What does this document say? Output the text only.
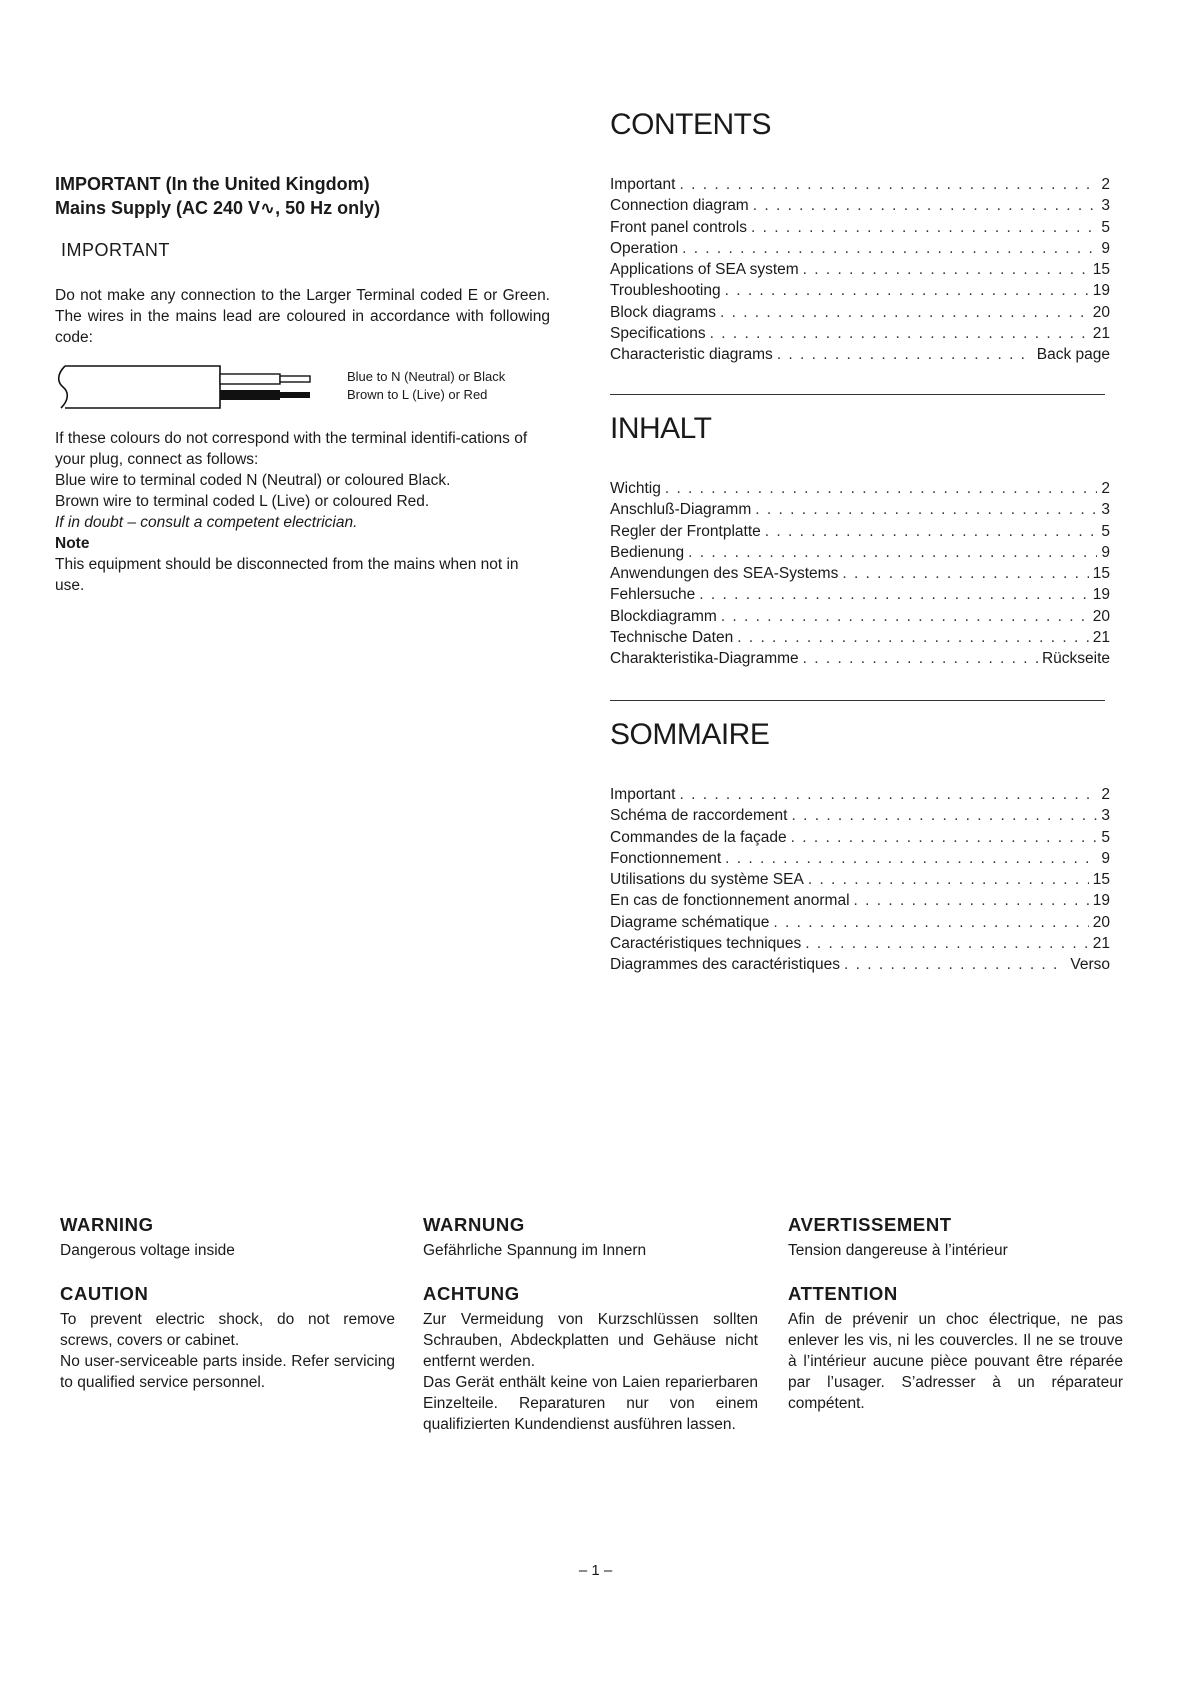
IMPORTANT (In the United Kingdom)
Mains Supply (AC 240 V∿, 50 Hz only)
IMPORTANT
Do not make any connection to the Larger Terminal coded E or Green. The wires in the mains lead are coloured in accordance with following code:
Blue to N (Neutral) or Black
Brown to L (Live) or Red
If these colours do not correspond with the terminal identifi-cations of your plug, connect as follows:
Blue wire to terminal coded N (Neutral) or coloured Black.
Brown wire to terminal coded L (Live) or coloured Red.
If in doubt – consult a competent electrician.
Note
This equipment should be disconnected from the mains when not in use.
CONTENTS
Important . . .	2
Connection diagram . . .	3
Front panel controls . . .	5
Operation . . .	9
Applications of SEA system . . .	15
Troubleshooting . . .	19
Block diagrams . . .	20
Specifications . . .	21
Characteristic diagrams . . .	Back page
INHALT
Wichtig . . .	2
Anschluß-Diagramm . . .	3
Regler der Frontplatte . . .	5
Bedienung . . .	9
Anwendungen des SEA-Systems . . .	15
Fehlersuche . . .	19
Blockdiagramm . . .	20
Technische Daten . . .	21
Charakteristika-Diagramme . . .	Rückseite
SOMMAIRE
Important . . .	2
Schéma de raccordement . . .	3
Commandes de la façade . . .	5
Fonctionnement . . .	9
Utilisations du système SEA . . .	15
En cas de fonctionnement anormal . . .	19
Diagrame schématique . . .	20
Caractéristiques techniques . . .	21
Diagrammes des caractéristiques . . .	Verso
WARNING
Dangerous voltage inside
CAUTION
To prevent electric shock, do not remove screws, covers or cabinet.
No user-serviceable parts inside. Refer servicing to qualified service personnel.
WARNUNG
Gefährliche Spannung im Innern
ACHTUNG
Zur Vermeidung von Kurzschlüssen sollten Schrauben, Abdeckplatten und Gehäuse nicht entfernt werden.
Das Gerät enthält keine von Laien reparierbaren Einzelteile. Reparaturen nur von einem qualifizierten Kundendienst ausführen lassen.
AVERTISSEMENT
Tension dangereuse à l’intérieur
ATTENTION
Afin de prévenir un choc électrique, ne pas enlever les vis, ni les couvercles. Il ne se trouve à l’intérieur aucune pièce pouvant être réparée par l’usager. S’adresser à un réparateur compétent.
– 1 –
